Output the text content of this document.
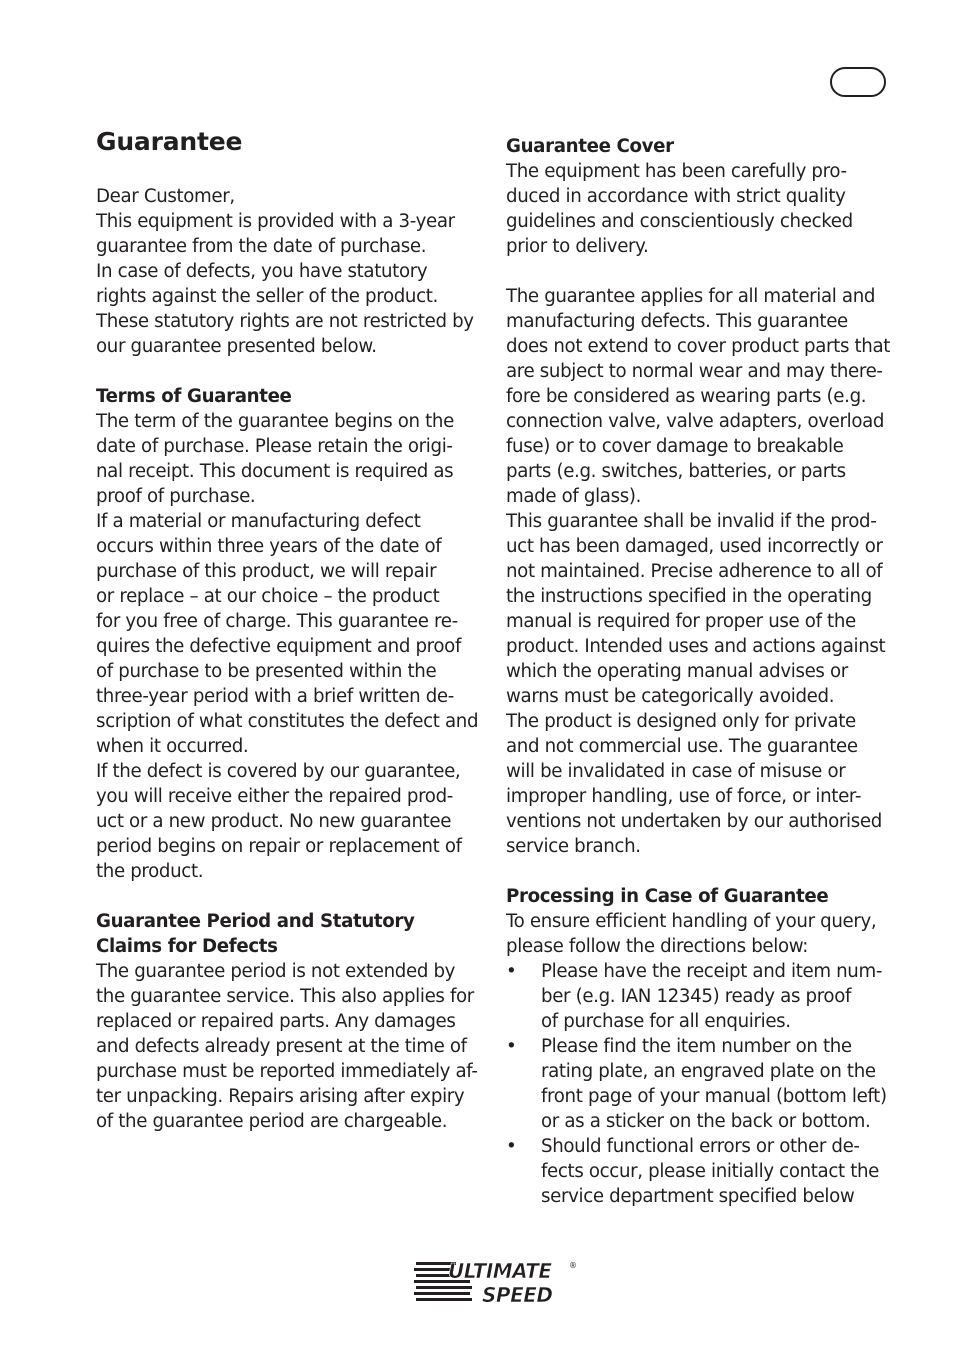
Guarantee

Dear Customer,
This equipment is provided with a 3-year
guarantee from the date of purchase.
In case of defects, you have statutory
rights against the seller of the product.
These statutory rights are not restricted by
our guarantee presented below.

Terms of Guarantee

The term of the guarantee begins on the
date of purchase. Please retain the origi-
nal receipt. This document is required as
proof of purchase.
If a material or manufacturing defect
occurs within three years of the date of
purchase of this product, we will repair
or replace – at our choice – the product
for you free of charge. This guarantee re-
quires the defective equipment and proof
of purchase to be presented within the
three-year period with a brief written de-
scription of what constitutes the defect and
when it occurred.
If the defect is covered by our guarantee,
you will receive either the repaired prod-
uct or a new product. No new guarantee
period begins on repair or replacement of
the product.

Guarantee Period and Statutory
Claims for Defects

The guarantee period is not extended by
the guarantee service. This also applies for
replaced or repaired parts. Any damages
and defects already present at the time of
purchase must be reported immediately af-
ter unpacking. Repairs arising after expiry
of the guarantee period are chargeable.

Guarantee Cover

The equipment has been carefully pro-
duced in accordance with strict quality
guidelines and conscientiously checked
prior to delivery.

The guarantee applies for all material and
manufacturing defects. This guarantee
does not extend to cover product parts that
are subject to normal wear and may there-
fore be considered as wearing parts (e.g.
connection valve, valve adapters, overload
fuse) or to cover damage to breakable
parts (e.g. switches, batteries, or parts
made of glass).
This guarantee shall be invalid if the prod-
uct has been damaged, used incorrectly or
not maintained. Precise adherence to all of
the instructions specified in the operating
manual is required for proper use of the
product. Intended uses and actions against
which the operating manual advises or
warns must be categorically avoided.
The product is designed only for private
and not commercial use. The guarantee
will be invalidated in case of misuse or
improper handling, use of force, or inter-
ventions not undertaken by our authorised
service branch.

Processing in Case of Guarantee

To ensure efficient handling of your query,
please follow the directions below:

• Please have the receipt and item num-
ber (e.g. IAN 12345) ready as proof
of purchase for all enquiries.
• Please find the item number on the
rating plate, an engraved plate on the
front page of your manual (bottom left)
or as a sticker on the back or bottom.
• Should functional errors or other de-
fects occur, please initially contact the
service department specified below
ULTIMATE
SPEED
®
